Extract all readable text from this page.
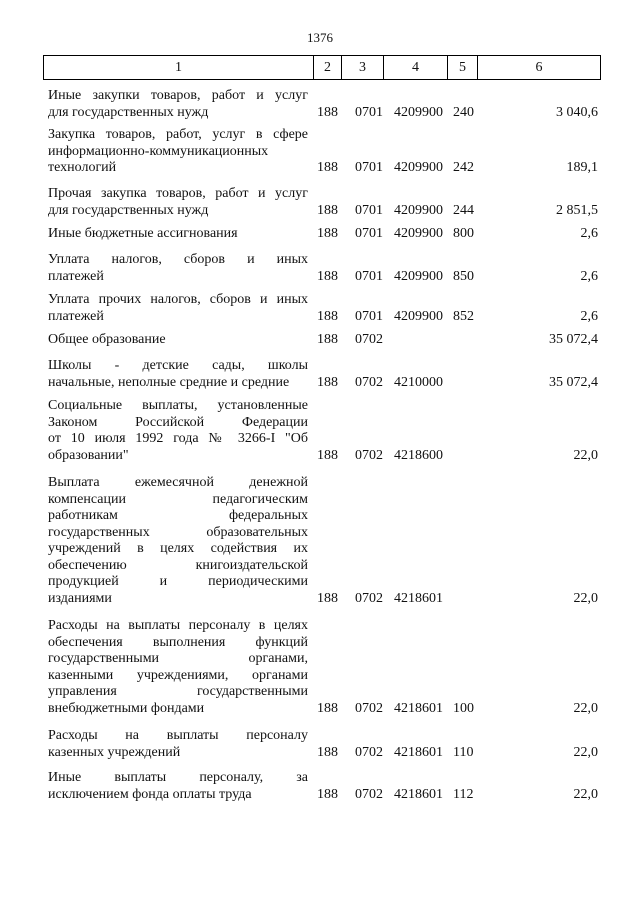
1376
1	2	3	4	5	6
Иные закупки товаров, работ и услуг
для государственных нужд	188 0701 4209900 240	3 040,6
Закупка товаров, работ, услуг в сфере
информационно-коммуникационных
технологий	188 0701 4209900 242	189,1
Прочая закупка товаров, работ и услуг
для государственных нужд	188 0701 4209900 244	2 851,5
Иные бюджетные ассигнования	188 0701 4209900 800	2,6
Уплата налогов, сборов и иных
платежей	188 0701 4209900 850	2,6
Уплата прочих налогов, сборов и иных
платежей	188 0701 4209900 852	2,6
Общее образование	188 0702	35 072,4
Школы - детские сады, школы
начальные, неполные средние и средние	188 0702 4210000	35 072,4
Социальные выплаты, установленные
Законом Российской Федерации
от 10 июля 1992 года № 3266-I "Об
образовании"	188 0702 4218600	22,0
Выплата ежемесячной денежной
компенсации педагогическим
работникам федеральных
государственных образовательных
учреждений в целях содействия их
обеспечению книгоиздательской
продукцией и периодическими
изданиями	188 0702 4218601	22,0
Расходы на выплаты персоналу в целях
обеспечения выполнения функций
государственными органами,
казенными учреждениями, органами
управления государственными
внебюджетными фондами	188 0702 4218601 100	22,0
Расходы на выплаты персоналу
казенных учреждений	188 0702 4218601 110	22,0
Иные выплаты персоналу, за
исключением фонда оплаты труда	188 0702 4218601 112	22,0
